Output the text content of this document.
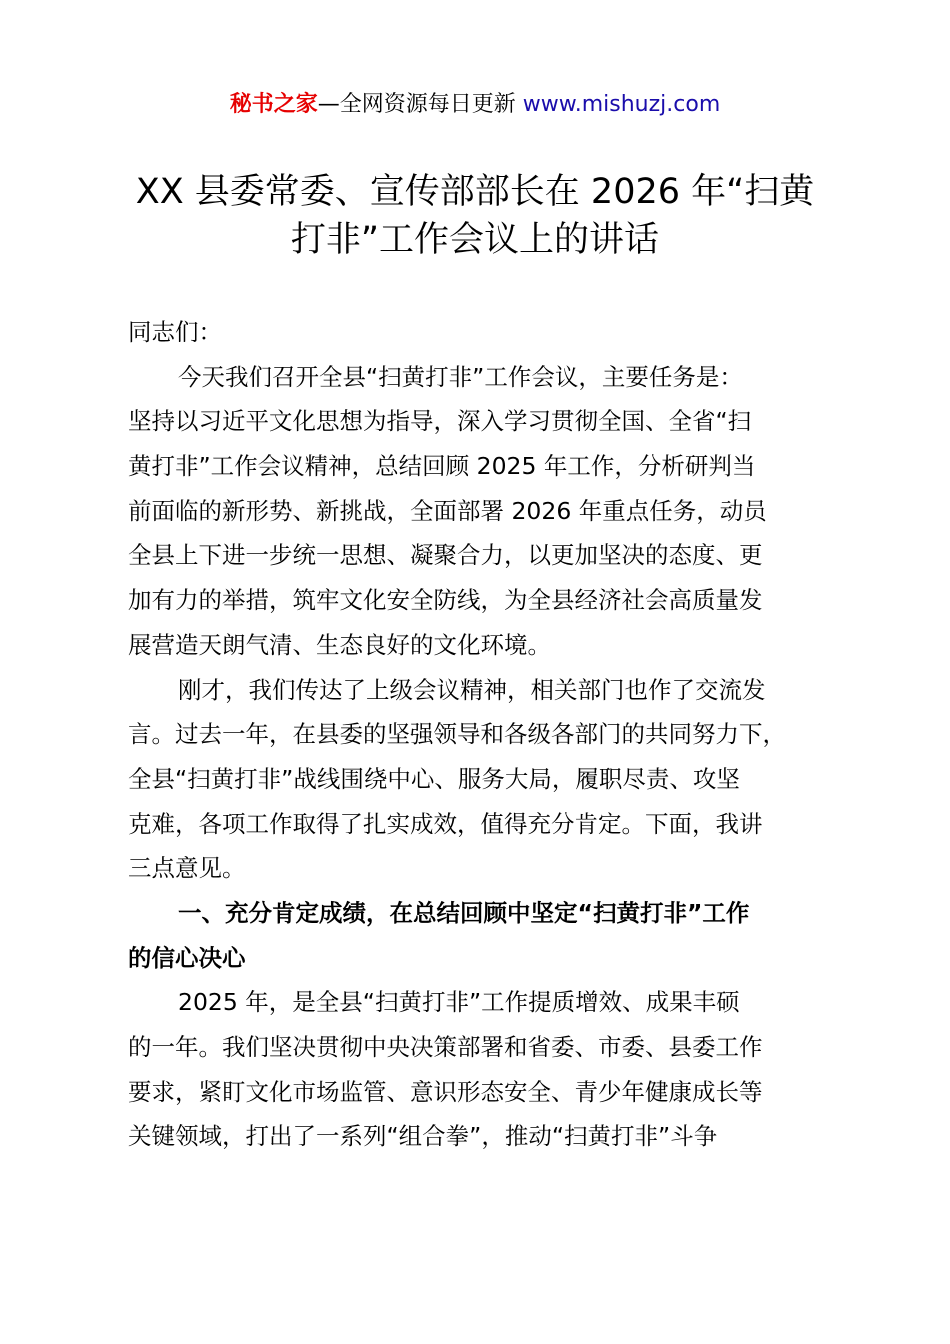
秘书之家—全网资源每日更新 www.mishuzj.com
XX 县委常委、宣传部部长在 2026 年“扫黄
打非”工作会议上的讲话
同志们：
今天我们召开全县“扫黄打非”工作会议，主要任务是：
坚持以习近平文化思想为指导，深入学习贯彻全国、全省“扫
黄打非”工作会议精神，总结回顾 2025 年工作，分析研判当
前面临的新形势、新挑战，全面部署 2026 年重点任务，动员
全县上下进一步统一思想、凝聚合力，以更加坚决的态度、更
加有力的举措，筑牢文化安全防线，为全县经济社会高质量发
展营造天朗气清、生态良好的文化环境。
刚才，我们传达了上级会议精神，相关部门也作了交流发
言。过去一年，在县委的坚强领导和各级各部门的共同努力下，
全县“扫黄打非”战线围绕中心、服务大局，履职尽责、攻坚
克难，各项工作取得了扎实成效，值得充分肯定。下面，我讲
三点意见。
一、充分肯定成绩，在总结回顾中坚定“扫黄打非”工作
的信心决心
2025 年，是全县“扫黄打非”工作提质增效、成果丰硕
的一年。我们坚决贯彻中央决策部署和省委、市委、县委工作
要求，紧盯文化市场监管、意识形态安全、青少年健康成长等
关键领域，打出了一系列“组合拳”，推动“扫黄打非”斗争
